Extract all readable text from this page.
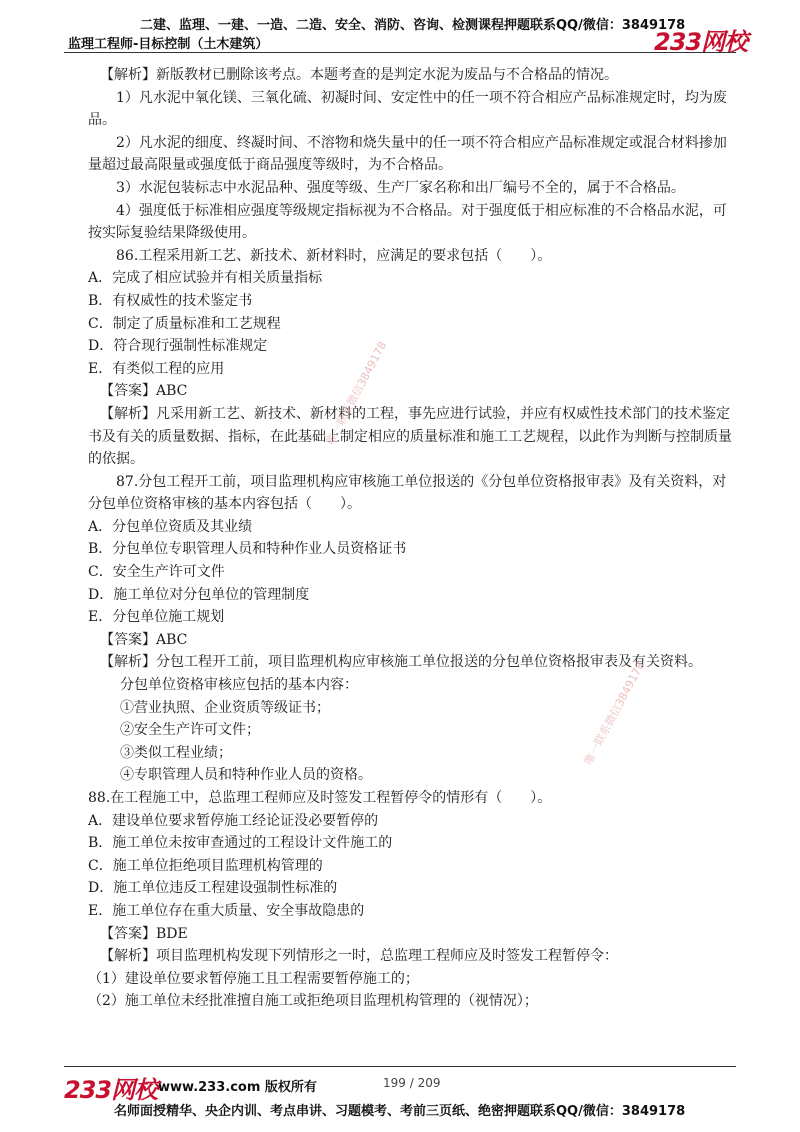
二建、监理、一建、一造、二造、安全、消防、咨询、检测课程押题联系QQ/微信：3849178
监理工程师-目标控制（土木建筑）	233网校

【解析】新版教材已删除该考点。本题考查的是判定水泥为废品与不合格品的情况。

1）凡水泥中氧化镁、三氧化硫、初凝时间、安定性中的任一项不符合相应产品标准规定时，均为废品。

2）凡水泥的细度、终凝时间、不溶物和烧失量中的任一项不符合相应产品标准规定或混合材料掺加量超过最高限量或强度低于商品强度等级时，为不合格品。

3）水泥包装标志中水泥品种、强度等级、生产厂家名称和出厂编号不全的，属于不合格品。

4）强度低于标准相应强度等级规定指标视为不合格品。对于强度低于相应标准的不合格品水泥，可按实际复验结果降级使用。

86.工程采用新工艺、新技术、新材料时，应满足的要求包括（　　）。

A．完成了相应试验并有相关质量指标

B．有权威性的技术鉴定书

C．制定了质量标准和工艺规程

D．符合现行强制性标准规定

E．有类似工程的应用

【答案】ABC

【解析】凡采用新工艺、新技术、新材料的工程，事先应进行试验，并应有权威性技术部门的技术鉴定书及有关的质量数据、指标，在此基础上制定相应的质量标准和施工工艺规程，以此作为判断与控制质量的依据。

87.分包工程开工前，项目监理机构应审核施工单位报送的《分包单位资格报审表》及有关资料，对分包单位资格审核的基本内容包括（　　）。

A．分包单位资质及其业绩

B．分包单位专职管理人员和特种作业人员资格证书

C．安全生产许可文件

D．施工单位对分包单位的管理制度

E．分包单位施工规划

【答案】ABC

【解析】分包工程开工前，项目监理机构应审核施工单位报送的分包单位资格报审表及有关资料。

分包单位资格审核应包括的基本内容：

①营业执照、企业资质等级证书；

②安全生产许可文件；

③类似工程业绩；

④专职管理人员和特种作业人员的资格。

88.在工程施工中，总监理工程师应及时签发工程暂停令的情形有（　　）。

A．建设单位要求暂停施工经论证没必要暂停的

B．施工单位未按审查通过的工程设计文件施工的

C．施工单位拒绝项目监理机构管理的

D．施工单位违反工程建设强制性标准的

E．施工单位存在重大质量、安全事故隐患的

【答案】BDE

【解析】项目监理机构发现下列情形之一时，总监理工程师应及时签发工程暂停令：

（1）建设单位要求暂停施工且工程需要暂停施工的；

（2）施工单位未经批准擅自施工或拒绝项目监理机构管理的（视情况）；

唯一联系微信3849178
唯一联系微信3849178
233网校 www.233.com 版权所有	199 / 209
名师面授精华、央企内训、考点串讲、习题模考、考前三页纸、绝密押题联系QQ/微信：3849178
